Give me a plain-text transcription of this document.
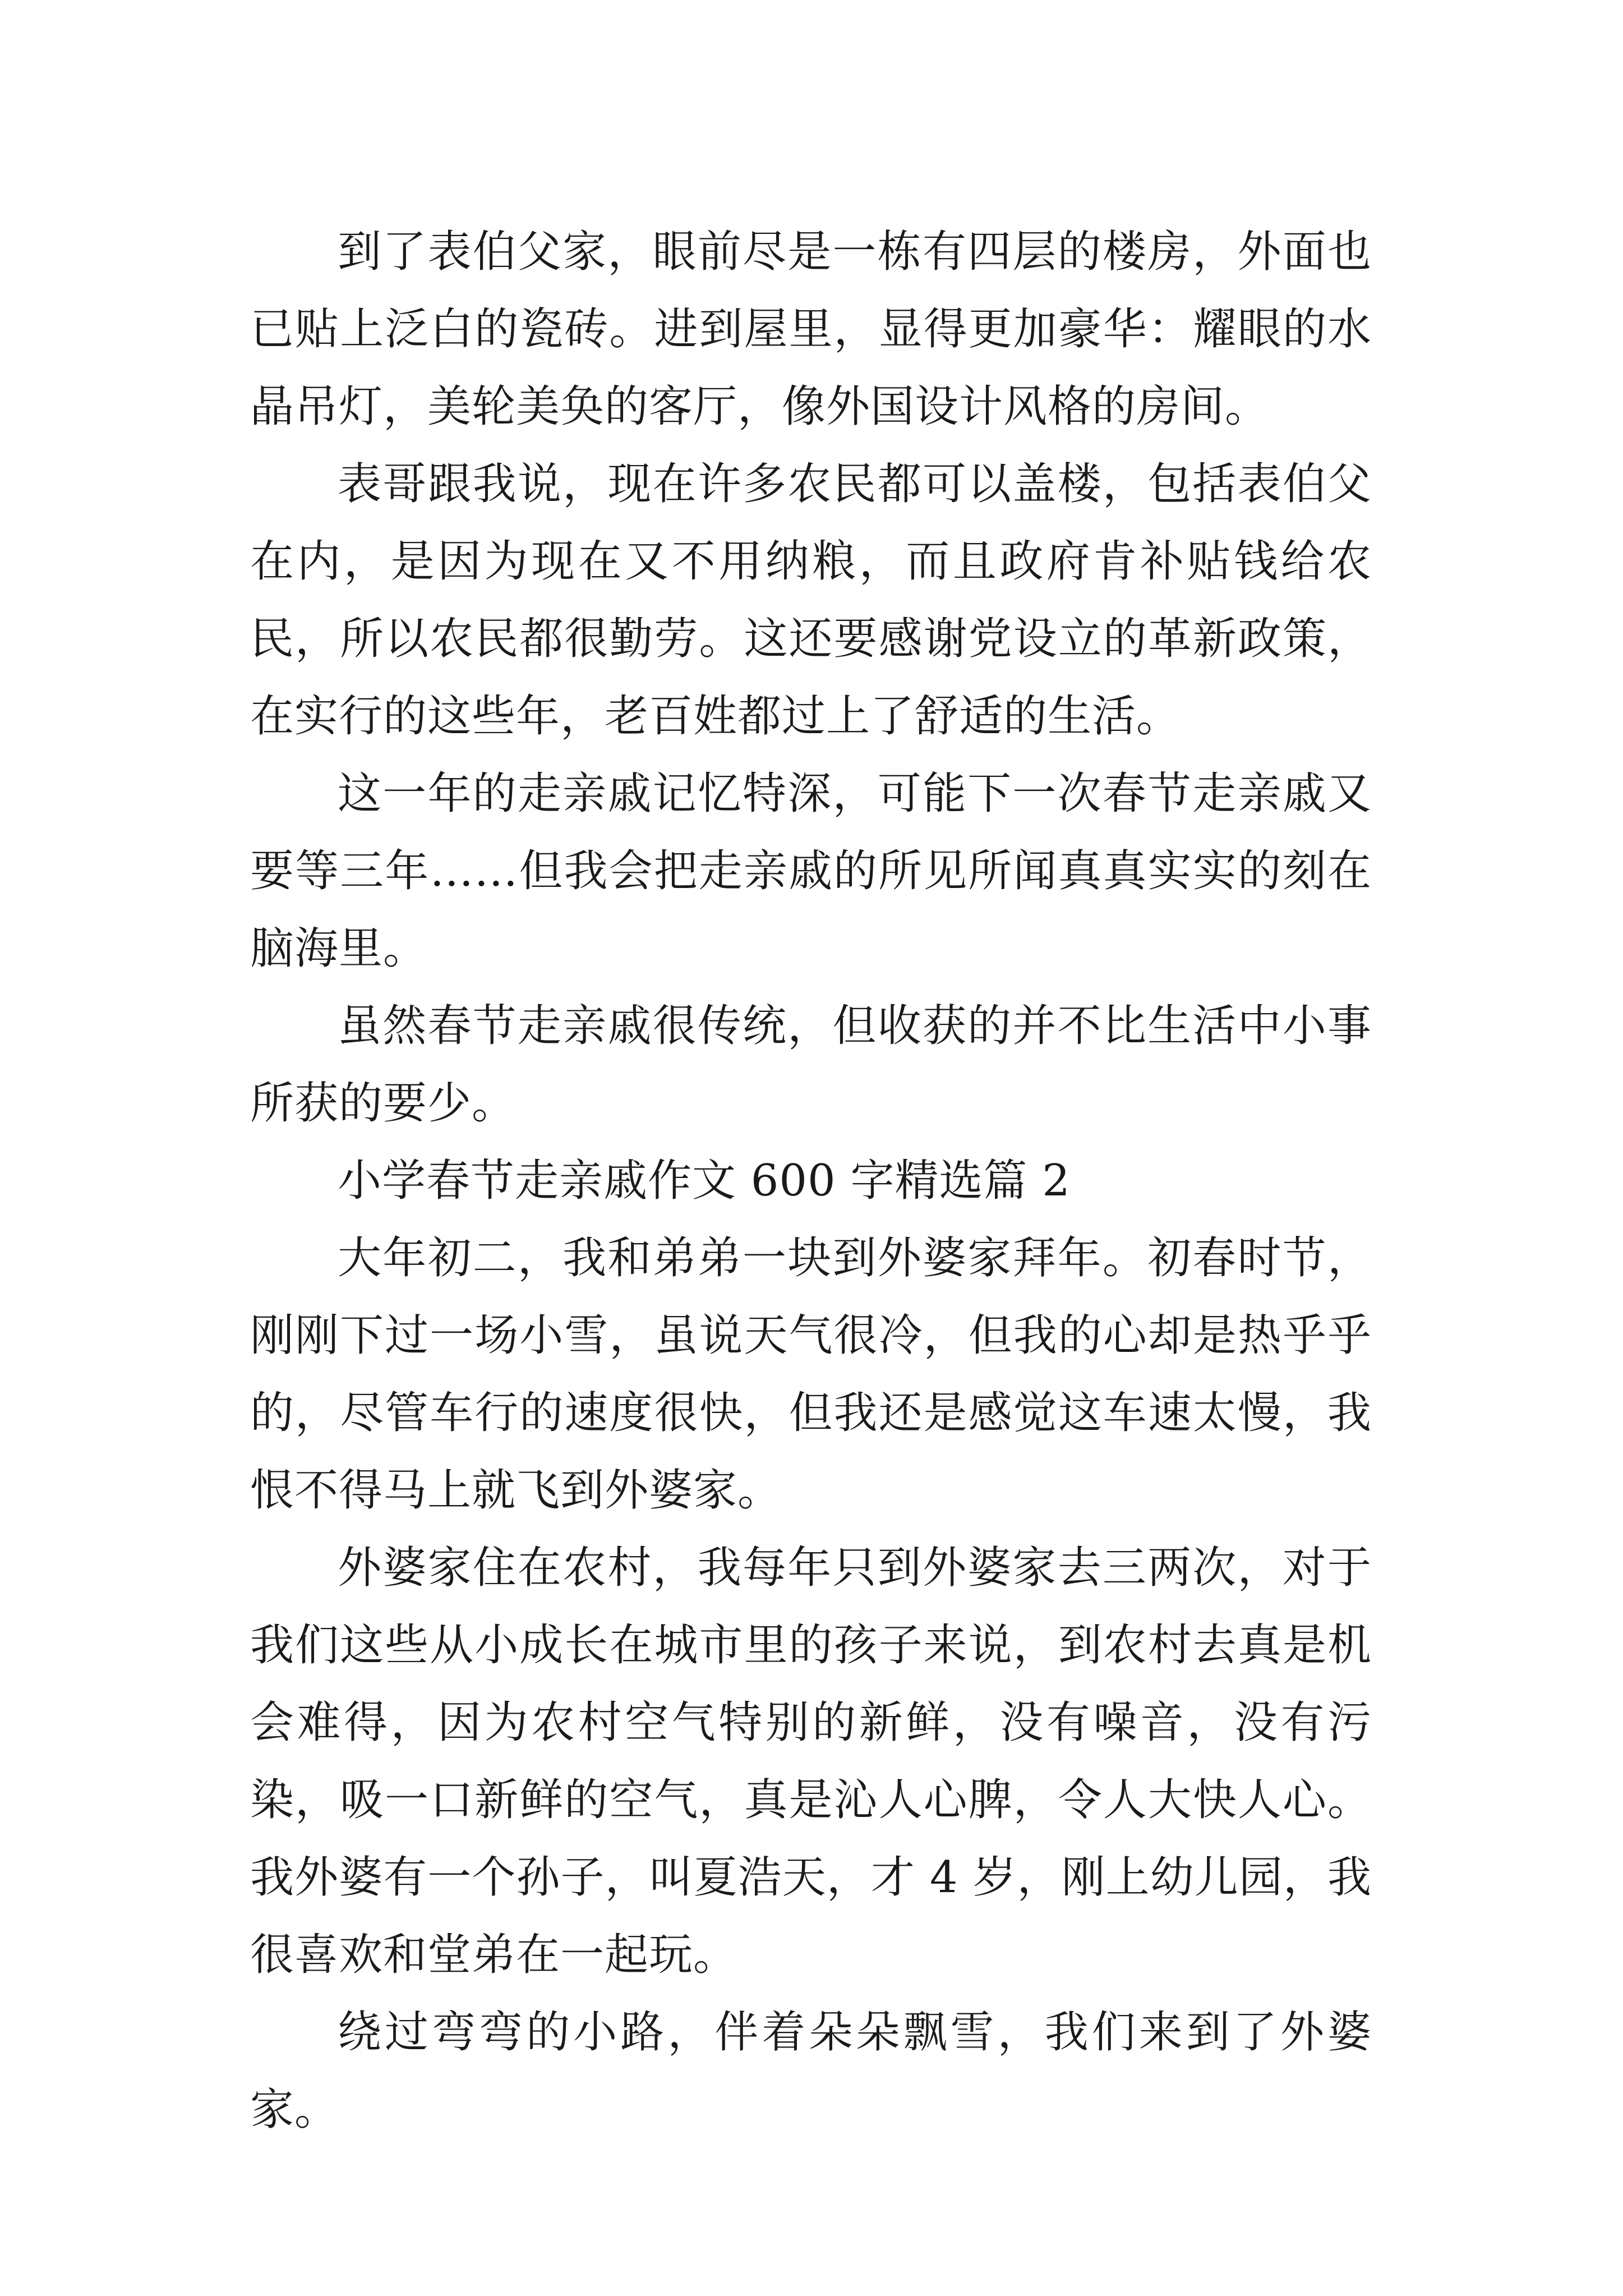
到了表伯父家，眼前尽是一栋有四层的楼房，外面也已贴上泛白的瓷砖。进到屋里，显得更加豪华：耀眼的水晶吊灯，美轮美奂的客厅，像外国设计风格的房间。

表哥跟我说，现在许多农民都可以盖楼，包括表伯父在内，是因为现在又不用纳粮，而且政府肯补贴钱给农民，所以农民都很勤劳。这还要感谢党设立的革新政策，在实行的这些年，老百姓都过上了舒适的生活。

这一年的走亲戚记忆特深，可能下一次春节走亲戚又要等三年……但我会把走亲戚的所见所闻真真实实的刻在脑海里。

虽然春节走亲戚很传统，但收获的并不比生活中小事所获的要少。

小学春节走亲戚作文 600 字精选篇 2

大年初二，我和弟弟一块到外婆家拜年。初春时节，刚刚下过一场小雪，虽说天气很冷，但我的心却是热乎乎的，尽管车行的速度很快，但我还是感觉这车速太慢，我恨不得马上就飞到外婆家。

外婆家住在农村，我每年只到外婆家去三两次，对于我们这些从小成长在城市里的孩子来说，到农村去真是机会难得，因为农村空气特别的新鲜，没有噪音，没有污染，吸一口新鲜的空气，真是沁人心脾，令人大快人心。我外婆有一个孙子，叫夏浩天，才 4 岁，刚上幼儿园，我很喜欢和堂弟在一起玩。

绕过弯弯的小路，伴着朵朵飘雪，我们来到了外婆家。
